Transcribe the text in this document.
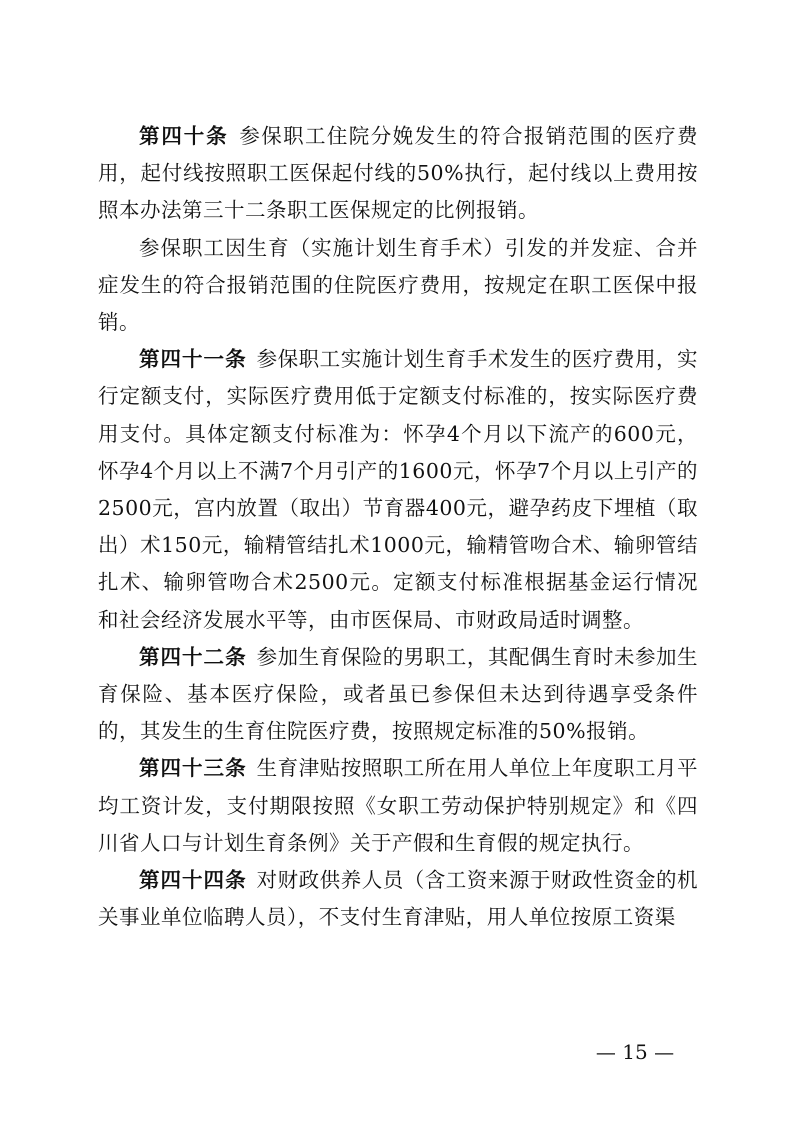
第四十条 参保职工住院分娩发生的符合报销范围的医疗费用，起付线按照职工医保起付线的50%执行，起付线以上费用按照本办法第三十二条职工医保规定的比例报销。

参保职工因生育（实施计划生育手术）引发的并发症、合并症发生的符合报销范围的住院医疗费用，按规定在职工医保中报销。

第四十一条 参保职工实施计划生育手术发生的医疗费用，实行定额支付，实际医疗费用低于定额支付标准的，按实际医疗费用支付。具体定额支付标准为：怀孕4个月以下流产的600元，怀孕4个月以上不满7个月引产的1600元，怀孕7个月以上引产的2500元，宫内放置（取出）节育器400元，避孕药皮下埋植（取出）术150元，输精管结扎术1000元，输精管吻合术、输卵管结扎术、输卵管吻合术2500元。定额支付标准根据基金运行情况和社会经济发展水平等，由市医保局、市财政局适时调整。

第四十二条 参加生育保险的男职工，其配偶生育时未参加生育保险、基本医疗保险，或者虽已参保但未达到待遇享受条件的，其发生的生育住院医疗费，按照规定标准的50%报销。

第四十三条 生育津贴按照职工所在用人单位上年度职工月平均工资计发，支付期限按照《女职工劳动保护特别规定》和《四川省人口与计划生育条例》关于产假和生育假的规定执行。

第四十四条 对财政供养人员（含工资来源于财政性资金的机关事业单位临聘人员），不支付生育津贴，用人单位按原工资渠

— 15 —
